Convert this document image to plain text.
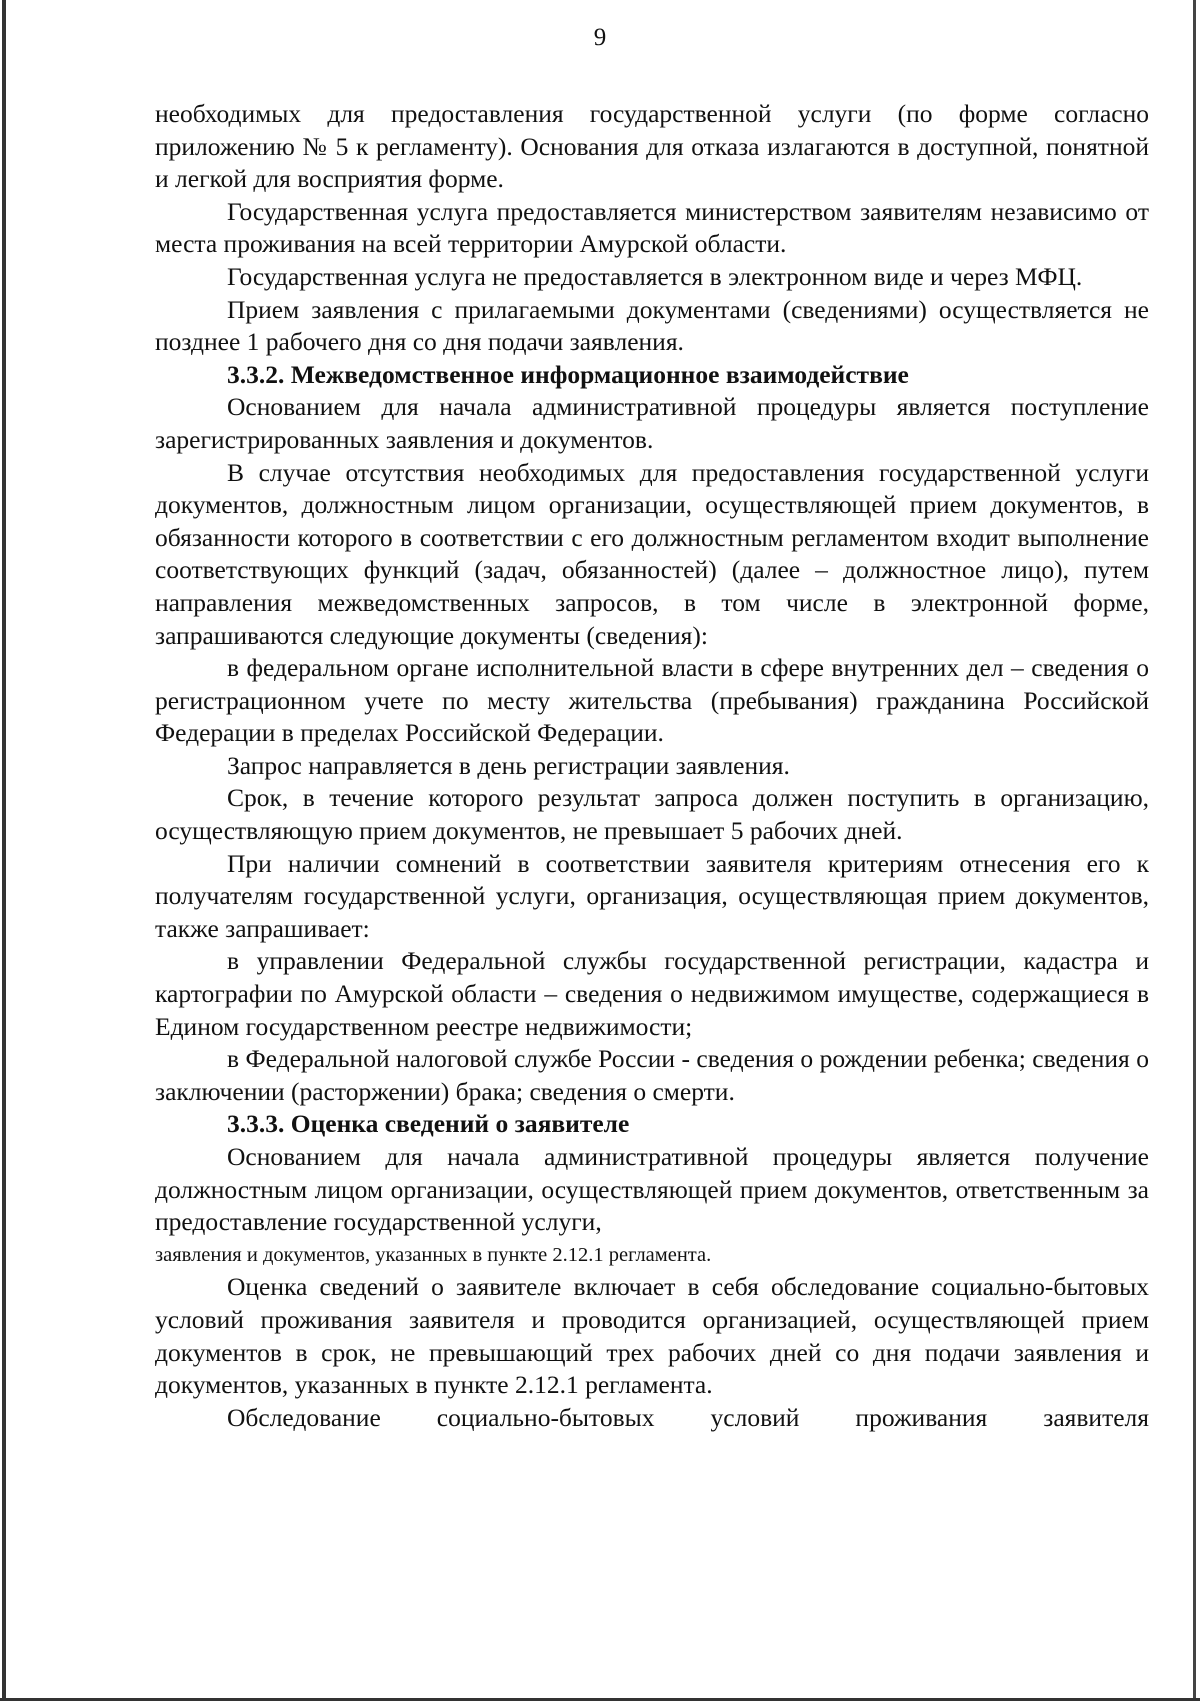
9

необходимых для предоставления государственной услуги (по форме согласно приложению № 5 к регламенту). Основания для отказа излагаются в доступной, понятной и легкой для восприятия форме.

Государственная услуга предоставляется министерством заявителям независимо от места проживания на всей территории Амурской области.

Государственная услуга не предоставляется в электронном виде и через МФЦ.

Прием заявления с прилагаемыми документами (сведениями) осуществляется не позднее 1 рабочего дня со дня подачи заявления.

3.3.2. Межведомственное информационное взаимодействие

Основанием для начала административной процедуры является поступление зарегистрированных заявления и документов.

В случае отсутствия необходимых для предоставления государственной услуги документов, должностным лицом организации, осуществляющей прием документов, в обязанности которого в соответствии с его должностным регламентом входит выполнение соответствующих функций (задач, обязанностей) (далее – должностное лицо), путем направления межведомственных запросов, в том числе в электронной форме, запрашиваются следующие документы (сведения):

в федеральном органе исполнительной власти в сфере внутренних дел – сведения о регистрационном учете по месту жительства (пребывания) гражданина Российской Федерации в пределах Российской Федерации.

Запрос направляется в день регистрации заявления.

Срок, в течение которого результат запроса должен поступить в организацию, осуществляющую прием документов, не превышает 5 рабочих дней.

При наличии сомнений в соответствии заявителя критериям отнесения его к получателям государственной услуги, организация, осуществляющая прием документов, также запрашивает:

в управлении Федеральной службы государственной регистрации, кадастра и картографии по Амурской области – сведения о недвижимом имуществе, содержащиеся в Едином государственном реестре недвижимости;

в Федеральной налоговой службе России - сведения о рождении ребенка; сведения о заключении (расторжении) брака; сведения о смерти.

3.3.3. Оценка сведений о заявителе

Основанием для начала административной процедуры является получение должностным лицом организации, осуществляющей прием документов, ответственным за предоставление государственной услуги,

заявления и документов, указанных в пункте 2.12.1 регламента.

Оценка сведений о заявителе включает в себя обследование социально-бытовых условий проживания заявителя и проводится организацией, осуществляющей прием документов в срок, не превышающий трех рабочих дней со дня подачи заявления и документов, указанных в пункте 2.12.1 регламента.

Обследование социально-бытовых условий проживания заявителя
